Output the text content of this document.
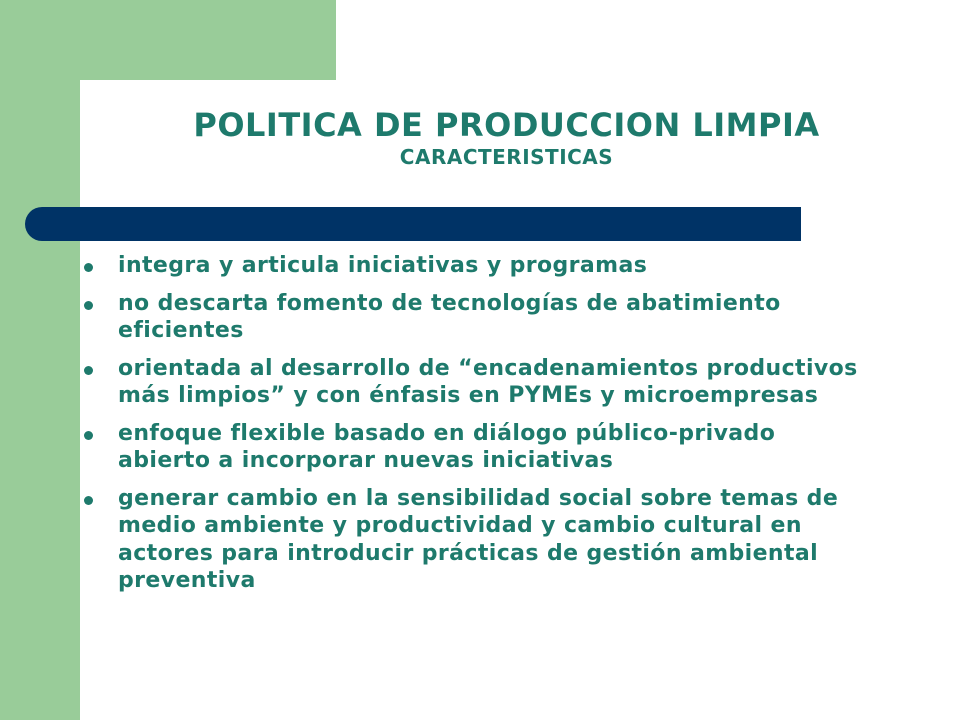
POLITICA DE PRODUCCION LIMPIA
CARACTERISTICAS
integra y articula iniciativas y programas
no descarta fomento de tecnologías de abatimiento eficientes
orientada al desarrollo de “encadenamientos productivos más limpios” y con énfasis en PYMEs y microempresas
enfoque flexible basado en diálogo público-privado abierto a incorporar nuevas iniciativas
generar cambio en la sensibilidad social sobre temas de medio ambiente y productividad y cambio cultural en actores para introducir prácticas de gestión ambiental preventiva
